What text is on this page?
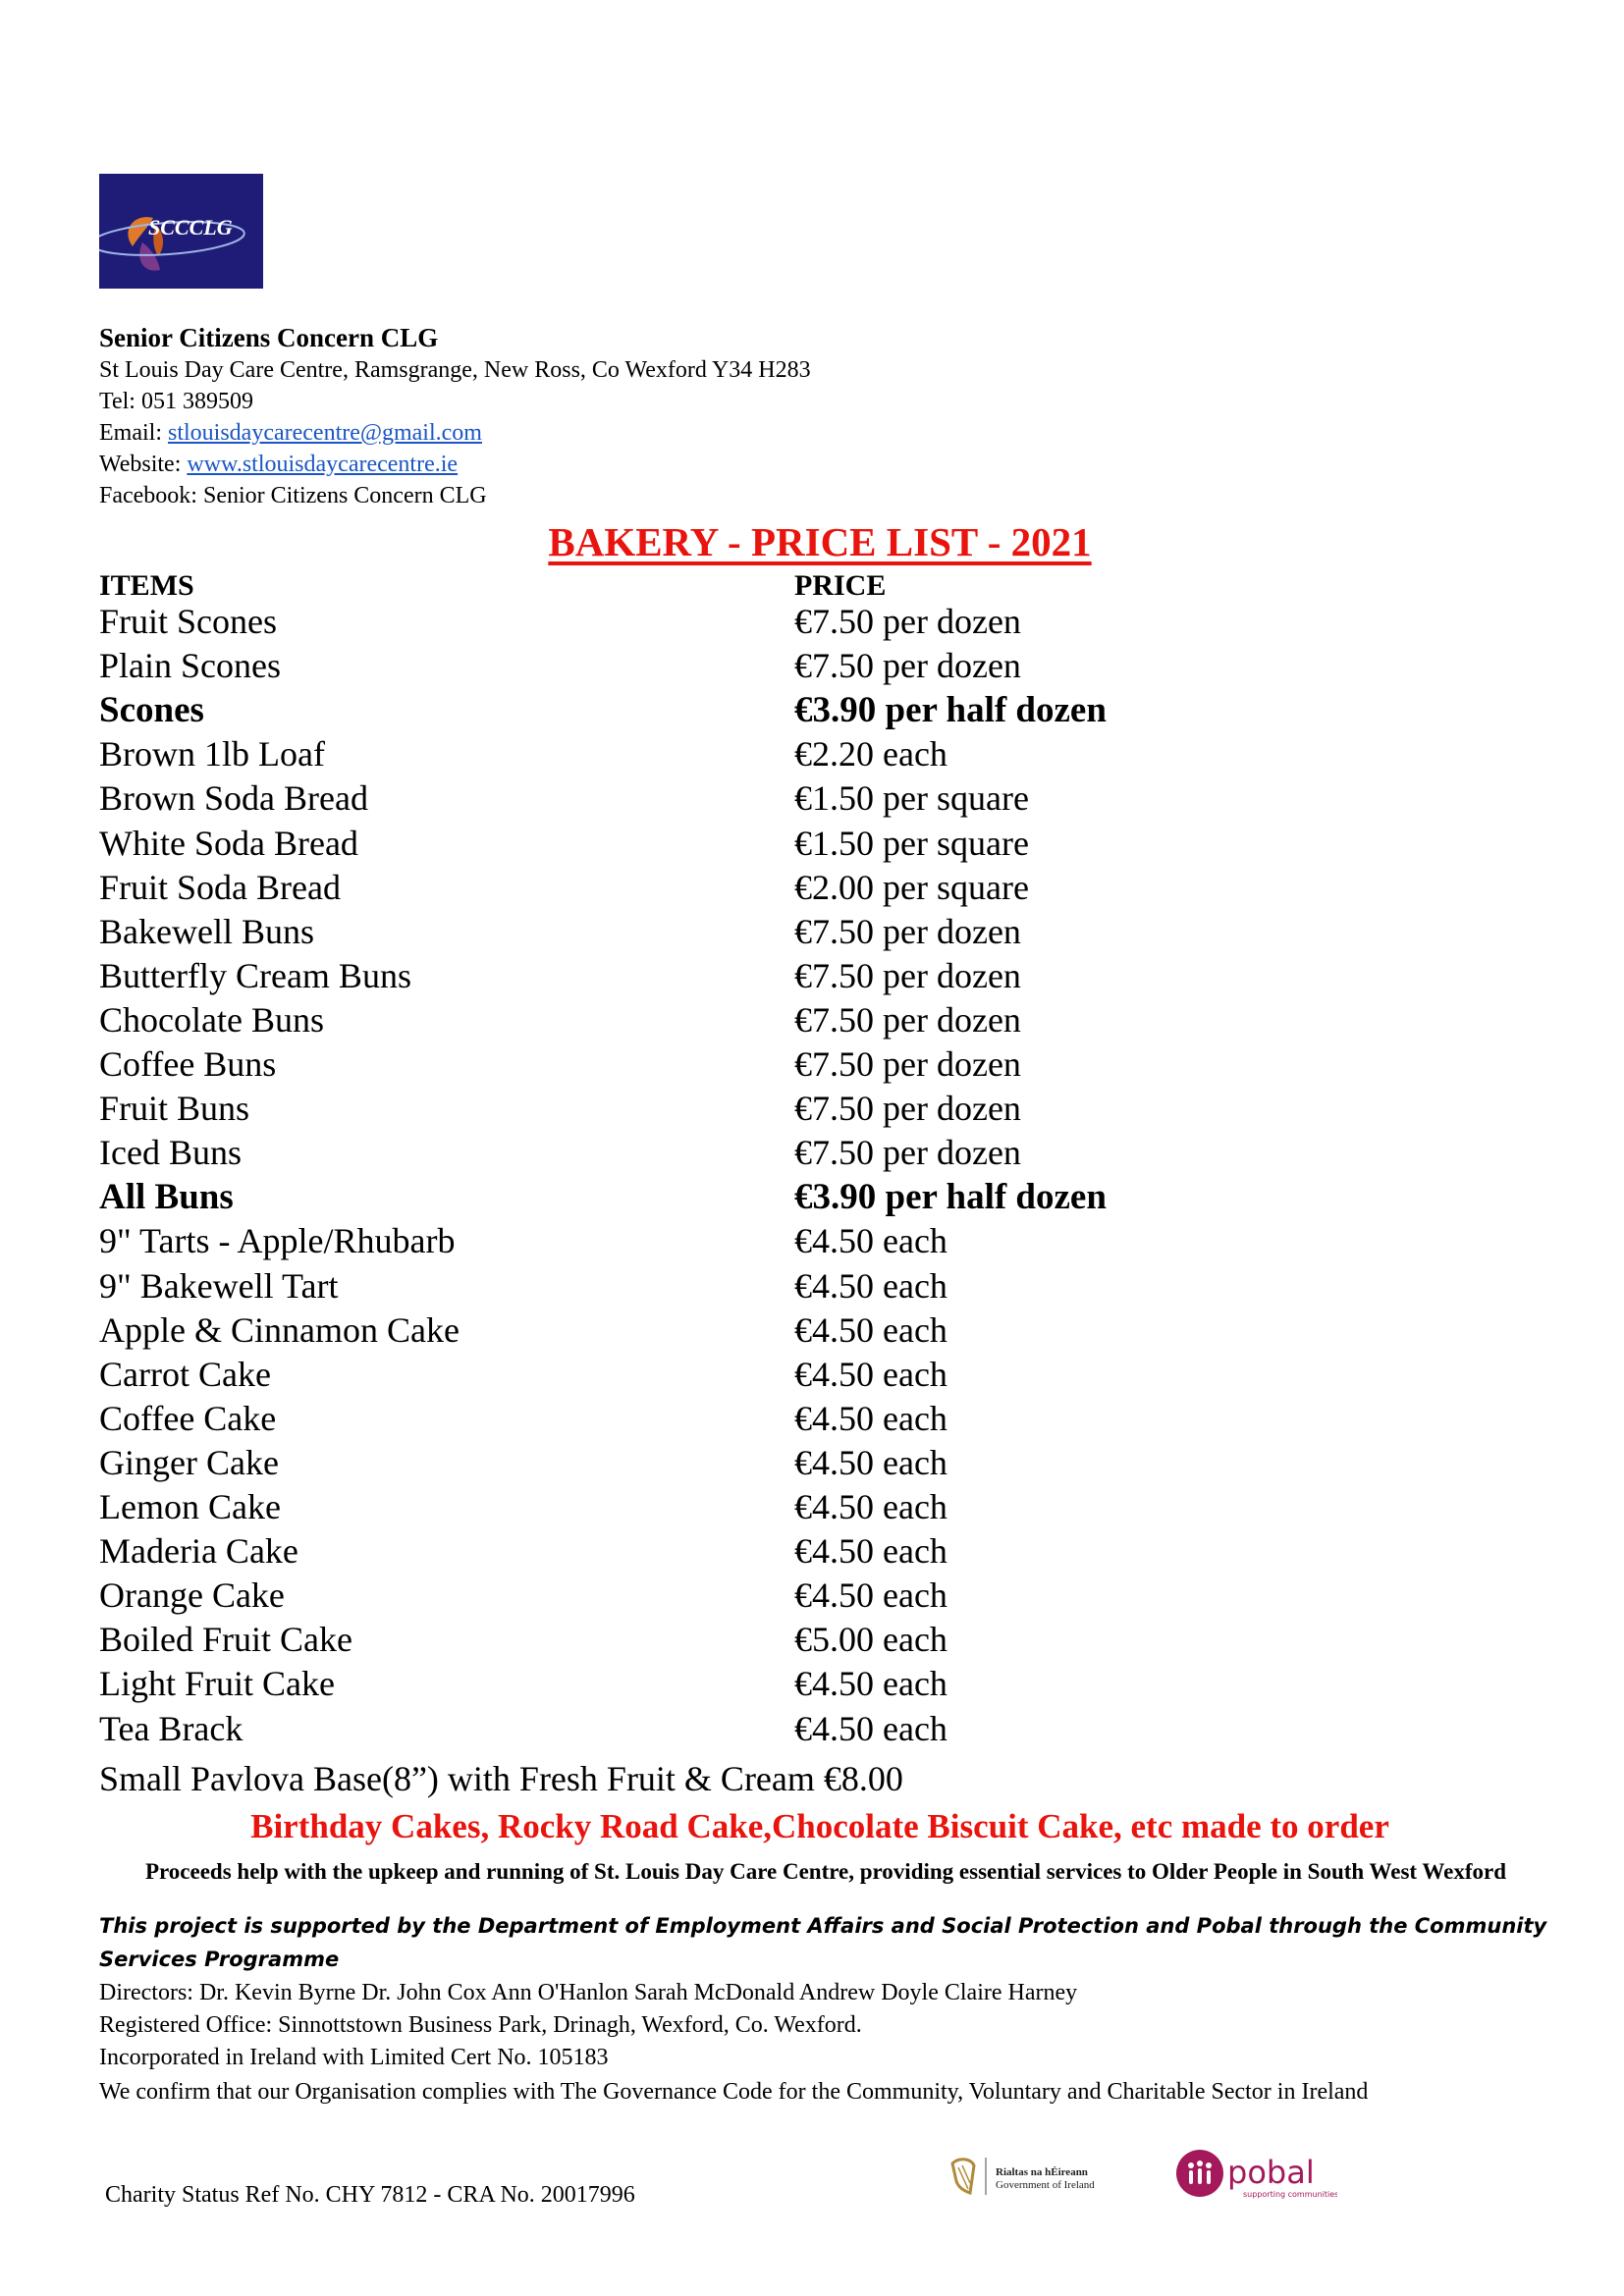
SCCCLG
Senior Citizens Concern CLG
St Louis Day Care Centre, Ramsgrange, New Ross, Co Wexford Y34 H283
Tel: 051 389509
Email: stlouisdaycarecentre@gmail.com
Website: www.stlouisdaycarecentre.ie
Facebook: Senior Citizens Concern CLG
BAKERY - PRICE LIST - 2021
ITEMS	PRICE
Fruit Scones	€7.50 per dozen
Plain Scones	€7.50 per dozen
Scones	€3.90 per half dozen
Brown 1lb Loaf	€2.20 each
Brown Soda Bread	€1.50 per square
White Soda Bread	€1.50 per square
Fruit Soda Bread	€2.00 per square
Bakewell Buns	€7.50 per dozen
Butterfly Cream Buns	€7.50 per dozen
Chocolate Buns	€7.50 per dozen
Coffee Buns	€7.50 per dozen
Fruit Buns	€7.50 per dozen
Iced Buns	€7.50 per dozen
All Buns	€3.90 per half dozen
9" Tarts - Apple/Rhubarb	€4.50 each
9" Bakewell Tart	€4.50 each
Apple & Cinnamon Cake	€4.50 each
Carrot Cake	€4.50 each
Coffee Cake	€4.50 each
Ginger Cake	€4.50 each
Lemon Cake	€4.50 each
Maderia Cake	€4.50 each
Orange Cake	€4.50 each
Boiled Fruit Cake	€5.00 each
Light Fruit Cake	€4.50 each
Tea Brack	€4.50 each
Small Pavlova Base(8”) with Fresh Fruit & Cream €8.00
Birthday Cakes, Rocky Road Cake,Chocolate Biscuit Cake, etc made to order
Proceeds help with the upkeep and running of St. Louis Day Care Centre, providing essential services to Older People in South West Wexford
This project is supported by the Department of Employment Affairs and Social Protection and Pobal through the Community Services Programme
Directors: Dr. Kevin Byrne Dr. John Cox Ann O'Hanlon Sarah McDonald Andrew Doyle Claire Harney
Registered Office: Sinnottstown Business Park, Drinagh, Wexford, Co. Wexford.
Incorporated in Ireland with Limited Cert No. 105183
We confirm that our Organisation complies with The Governance Code for the Community, Voluntary and Charitable Sector in Ireland
Charity Status Ref No. CHY 7812 - CRA No. 20017996
Rialtas na hÉireann
Government of Ireland	pobal
supporting communities
